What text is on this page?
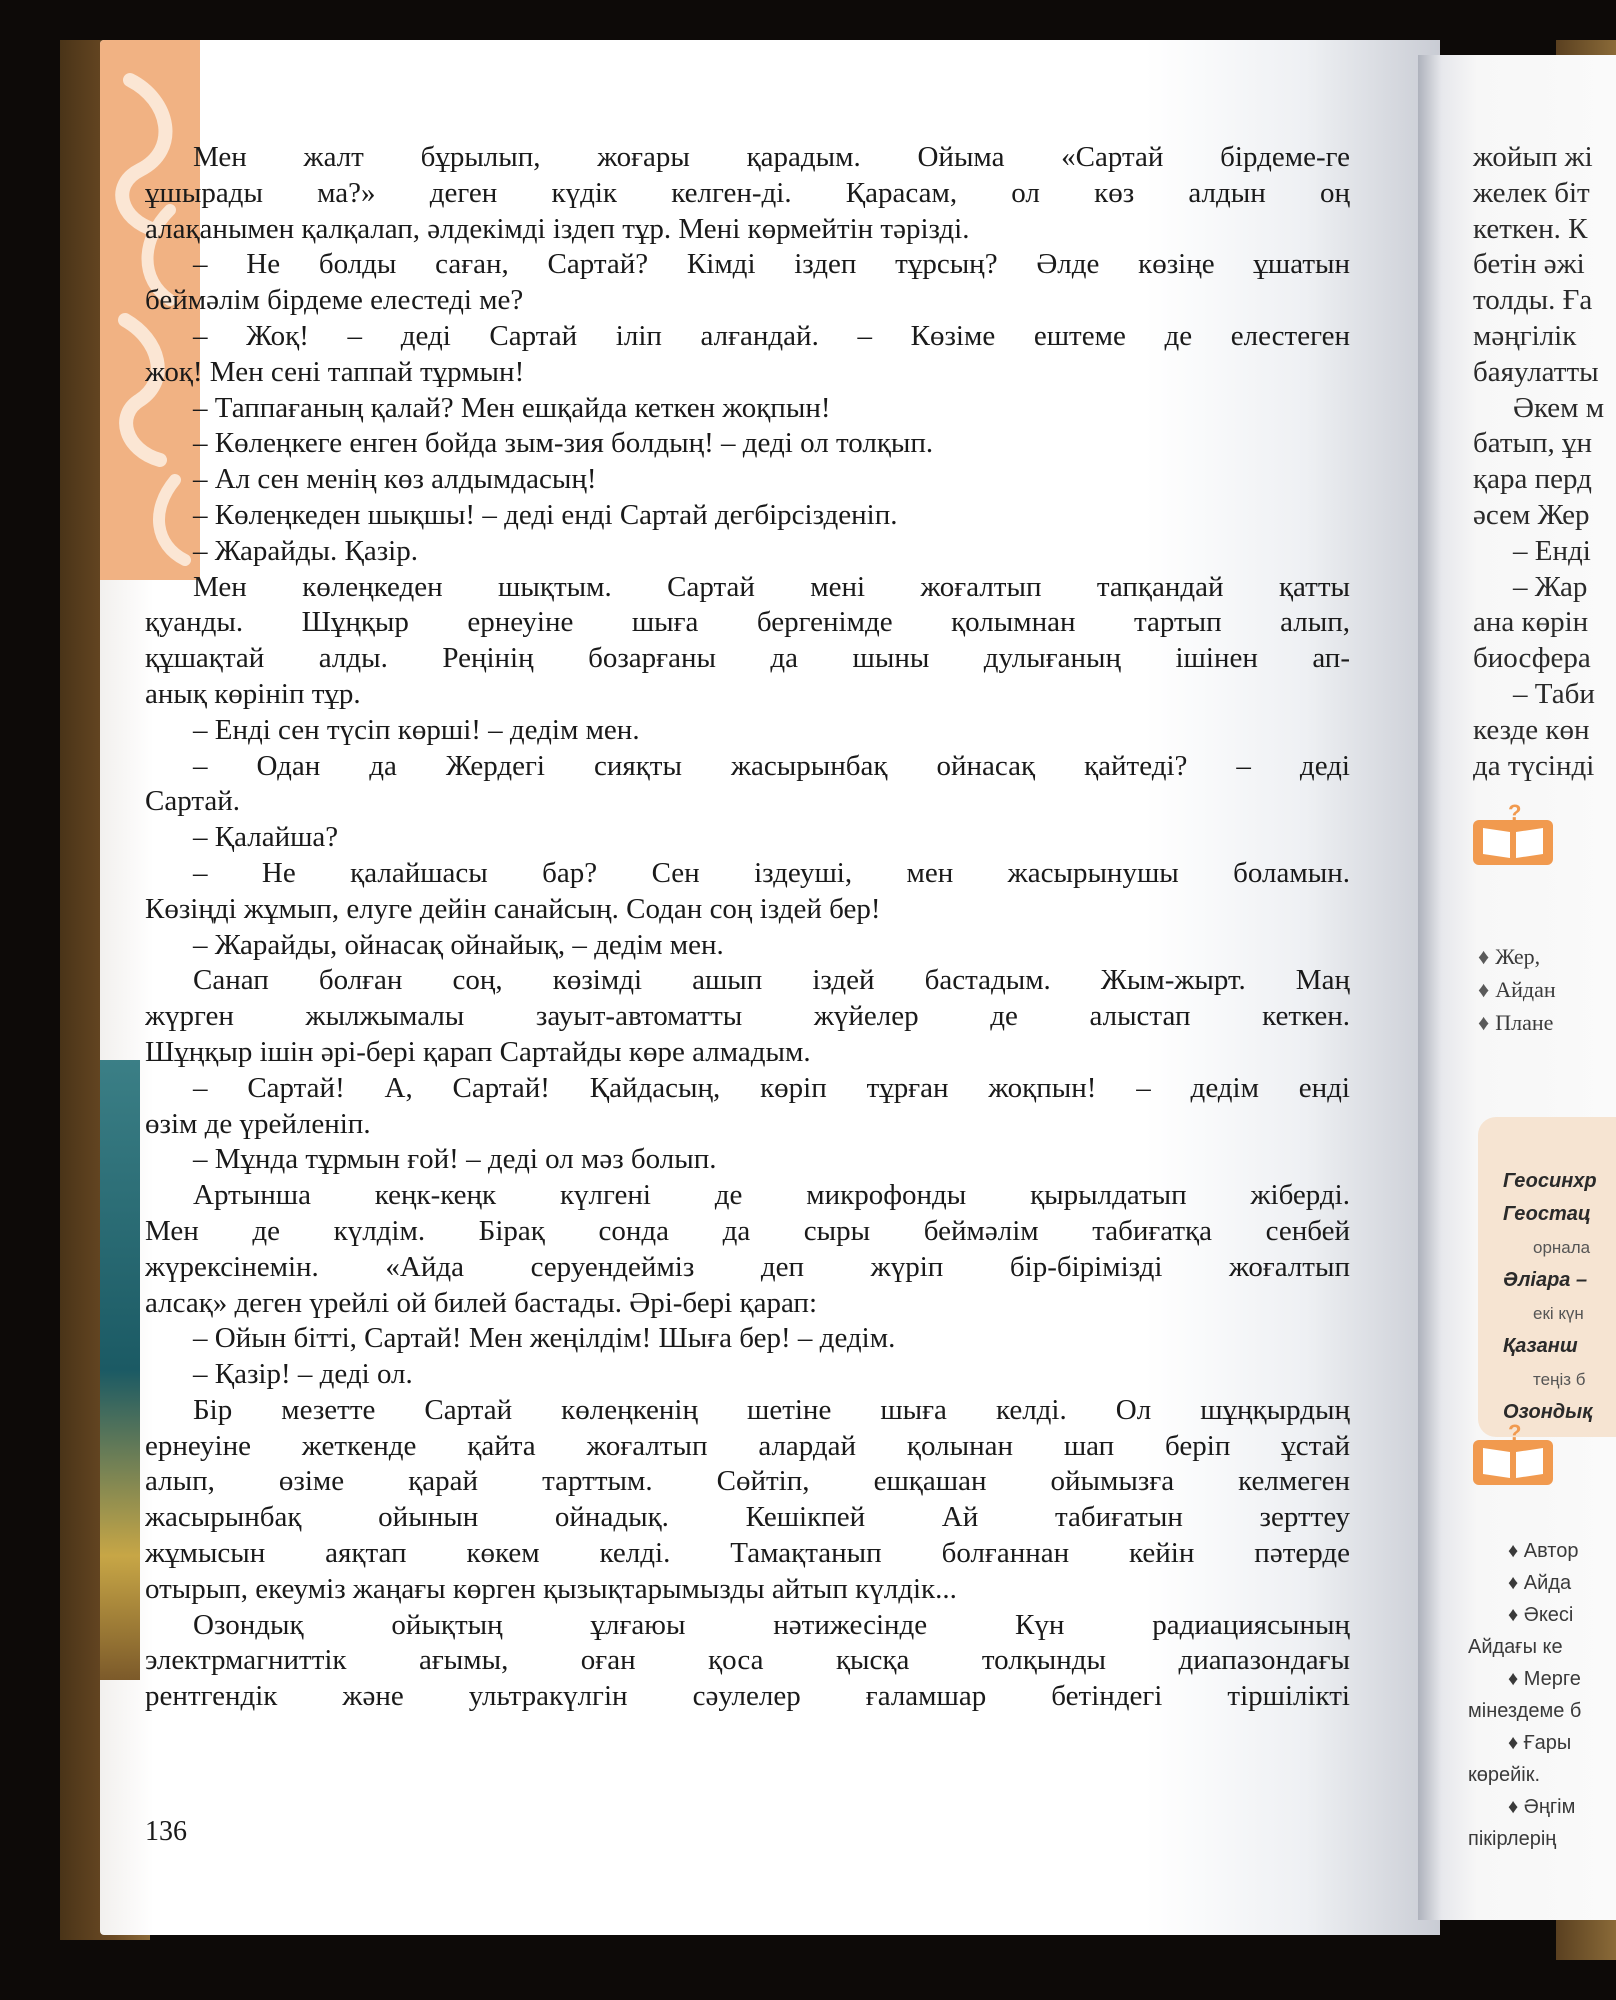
Мен жалт бұрылып, жоғары қарадым. Ойыма «Сартай бірдеме‑ге

ұшырады ма?» деген күдік келген-ді. Қарасам, ол көз алдын оң

алақанымен қалқалап, әлдекімді іздеп тұр. Мені көрмейтін тәрізді.

– Не болды саған, Сартай? Кімді іздеп тұрсың? Әлде көзіңе ұшатын

беймәлім бірдеме елестеді ме?

– Жоқ! – деді Сартай іліп алғандай. – Көзіме ештеме де елестеген

жоқ! Мен сені таппай тұрмын!

– Таппағаның қалай? Мен ешқайда кеткен жоқпын!

– Көлеңкеге енген бойда зым-зия болдың! – деді ол толқып.

– Ал сен менің көз алдымдасың!

– Көлеңкеден шықшы! – деді енді Сартай дегбірсізденіп.

– Жарайды. Қазір.

Мен көлеңкеден шықтым. Сартай мені жоғалтып тапқандай қатты

қуанды. Шұңқыр ернеуіне шыға бергенімде қолымнан тартып алып,

құшақтай алды. Реңінің бозарғаны да шыны дулығаның ішінен ап-

анық көрініп тұр.

– Енді сен түсіп көрші! – дедім мен.

– Одан да Жердегі сияқты жасырынбақ ойнасақ қайтеді? – деді

Сартай.

– Қалайша?

– Не қалайшасы бар? Сен іздеуші, мен жасырынушы боламын.

Көзіңді жұмып, елуге дейін санайсың. Содан соң іздей бер!

– Жарайды, ойнасақ ойнайық, – дедім мен.

Санап болған соң, көзімді ашып іздей бастадым. Жым-жырт. Маң

жүрген жылжымалы зауыт-автоматты жүйелер де алыстап кеткен.

Шұңқыр ішін әрі-бері қарап Сартайды көре алмадым.

– Сартай! А, Сартай! Қайдасың, көріп тұрған жоқпын! – дедім енді

өзім де үрейленіп.

– Мұнда тұрмын ғой! – деді ол мәз болып.

Артынша кеңк-кеңк күлгені де микрофонды қырылдатып жіберді.

Мен де күлдім. Бірақ сонда да сыры беймәлім табиғатқа сенбей

жүрексінемін. «Айда серуендейміз деп жүріп бір-бірімізді жоғалтып

алсақ» деген үрейлі ой билей бастады. Әрі-бері қарап:

– Ойын бітті, Сартай! Мен жеңілдім! Шыға бер! – дедім.

– Қазір! – деді ол.

Бір мезетте Сартай көлеңкенің шетіне шыға келді. Ол шұңқырдың

ернеуіне жеткенде қайта жоғалтып алардай қолынан шап беріп ұстай

алып, өзіме қарай тарттым. Сөйтіп, ешқашан ойымызға келмеген

жасырынбақ ойынын ойнадық. Кешікпей Ай табиғатын зерттеу

жұмысын аяқтап көкем келді. Тамақтанып болғаннан кейін пәтерде

отырып, екеуміз жаңағы көрген қызықтарымызды айтып күлдік...

Озондық ойықтың ұлғаюы нәтижесінде Күн радиациясының

электрмагниттік ағымы, оған қоса қысқа толқынды диапазондағы

рентгендік және ультракүлгін сәулелер ғаламшар бетіндегі тіршілікті

136
жойып жі
желек біт
кеткен. К
бетін әжі
толды. Ға
мәңгілік
баяулатты
Әкем м
батып, ұн
қара перд
әсем Жер
– Енді
– Жар
ана көрін
биосфера
– Таби
кезде көн
да түсінді
?
♦ Жер,
♦ Айдан
♦ Плане
Геосинхр
Геостац
орнала
Әліара –
екі күн
Қазанш
теңіз б
Озондық
?
♦ Автор
♦ Айда
♦ Әкесі
Айдағы ке
♦ Мерге
мінездеме б
♦ Ғары
көрейік.
♦ Әңгім
пікірлерің
